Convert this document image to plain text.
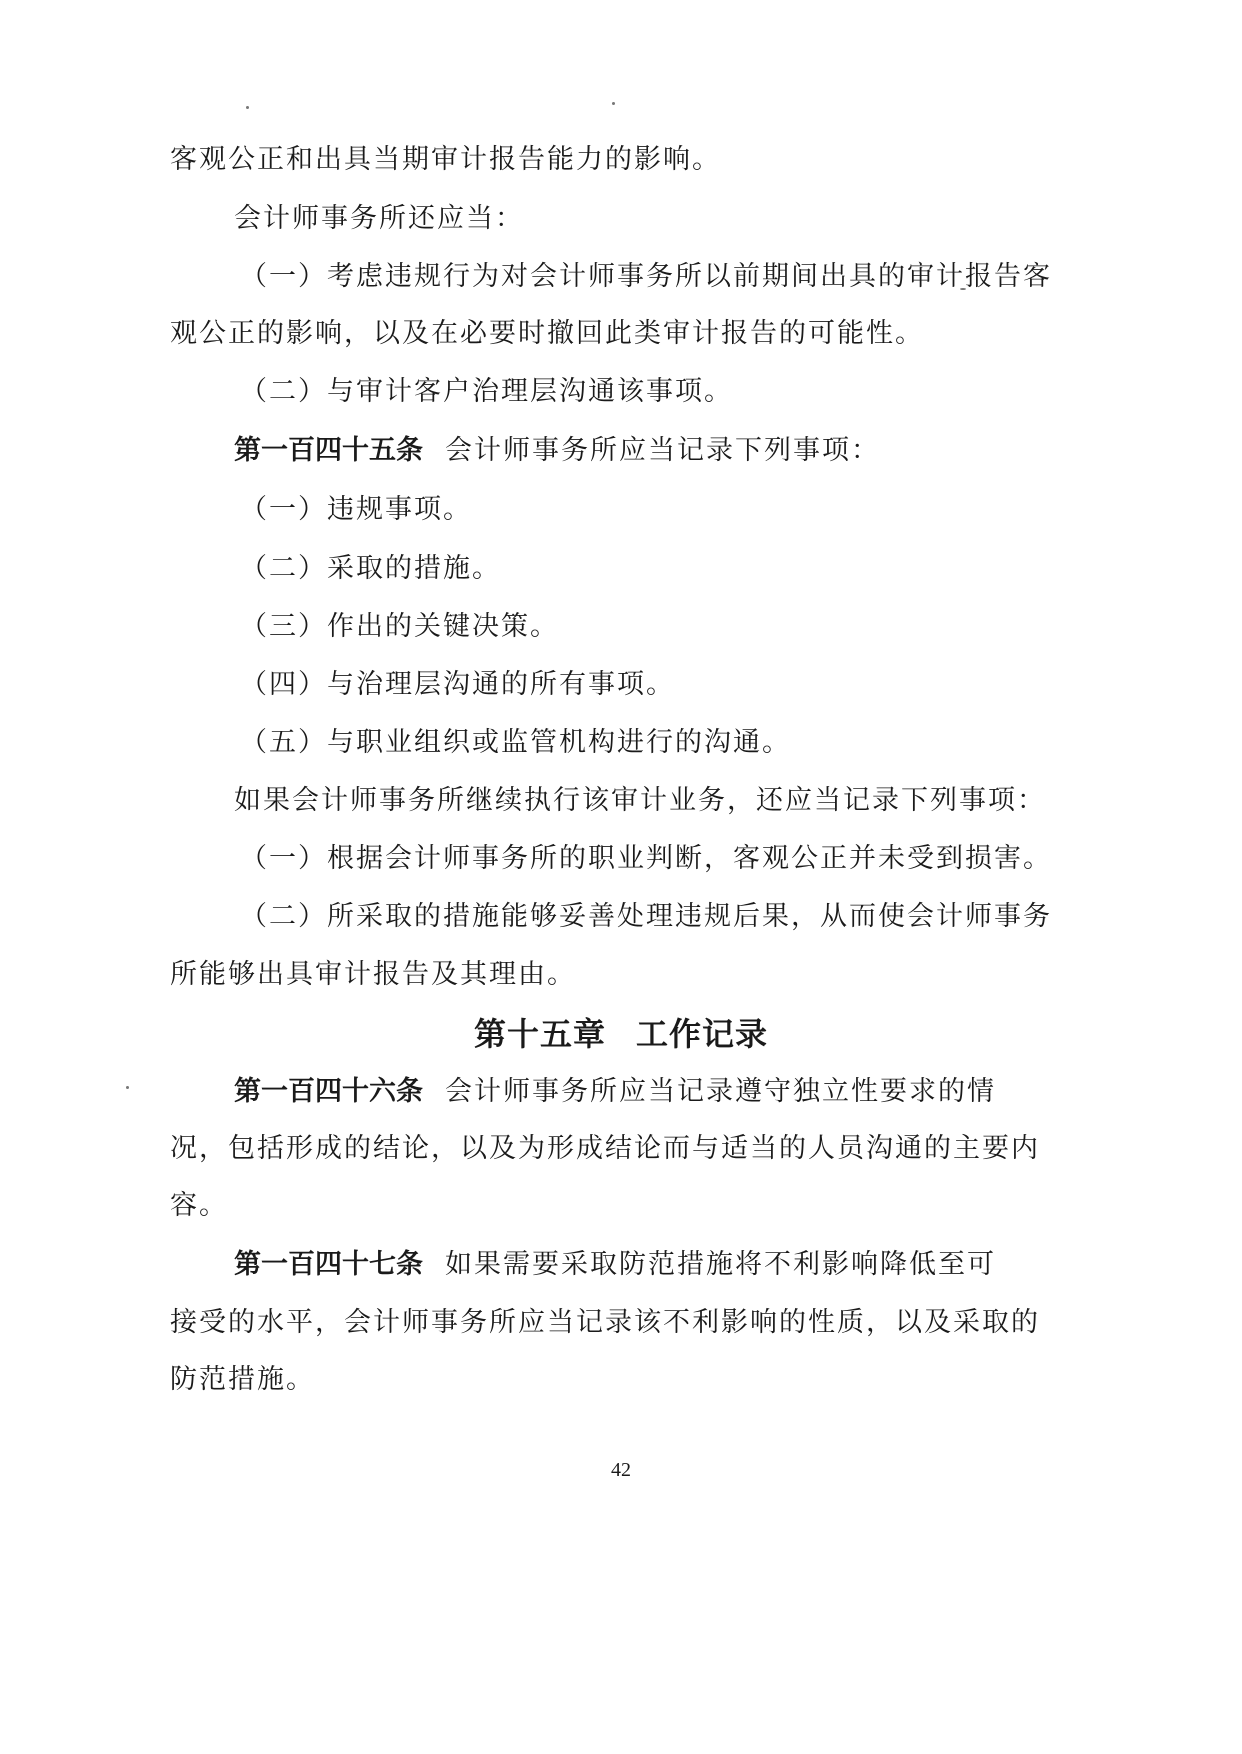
客观公正和出具当期审计报告能力的影响。
会计师事务所还应当：
（一）考虑违规行为对会计师事务所以前期间出具的审计报告客
观公正的影响，以及在必要时撤回此类审计报告的可能性。
（二）与审计客户治理层沟通该事项。
第一百四十五条 会计师事务所应当记录下列事项：
（一）违规事项。
（二）采取的措施。
（三）作出的关键决策。
（四）与治理层沟通的所有事项。
（五）与职业组织或监管机构进行的沟通。
如果会计师事务所继续执行该审计业务，还应当记录下列事项：
（一）根据会计师事务所的职业判断，客观公正并未受到损害。
（二）所采取的措施能够妥善处理违规后果，从而使会计师事务
所能够出具审计报告及其理由。
第十五章 工作记录
第一百四十六条 会计师事务所应当记录遵守独立性要求的情
况，包括形成的结论，以及为形成结论而与适当的人员沟通的主要内
容。
第一百四十七条 如果需要采取防范措施将不利影响降低至可
接受的水平，会计师事务所应当记录该不利影响的性质，以及采取的
防范措施。
42
